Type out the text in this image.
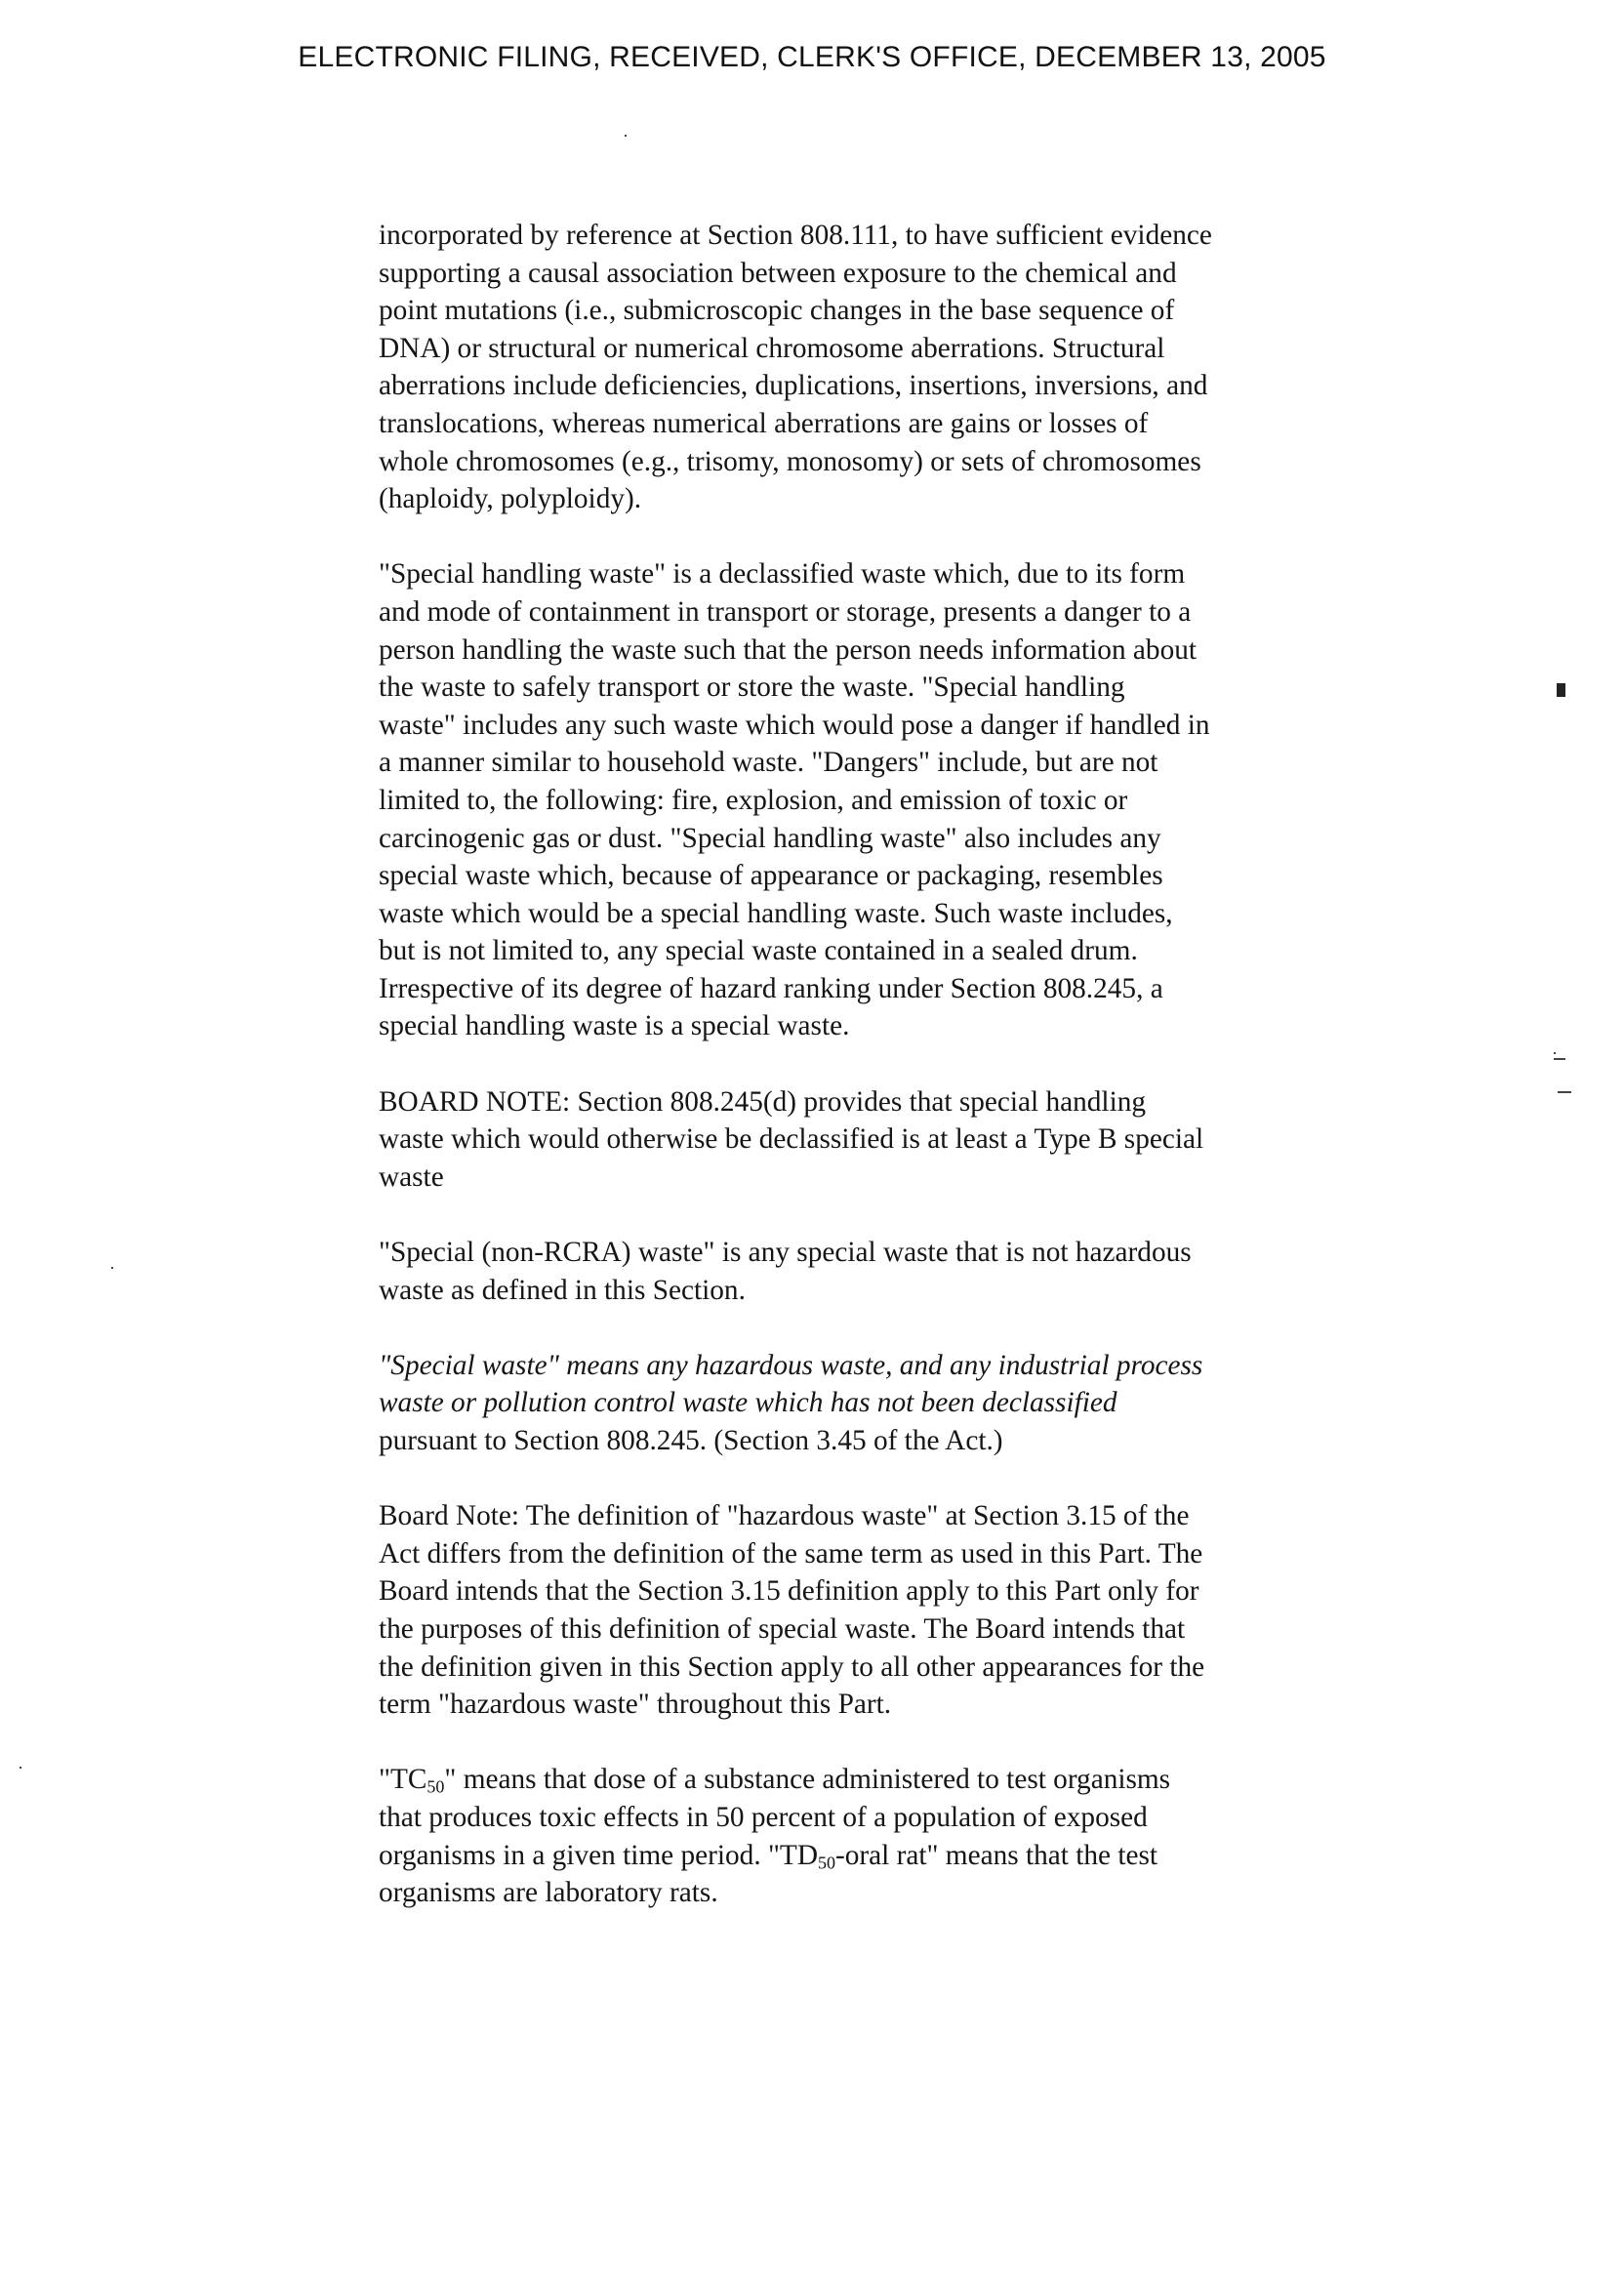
ELECTRONIC FILING, RECEIVED, CLERK'S OFFICE, DECEMBER 13, 2005
incorporated by reference at Section 808.111, to have sufficient evidence
supporting a causal association between exposure to the chemical and
point mutations (i.e., submicroscopic changes in the base sequence of
DNA) or structural or numerical chromosome aberrations. Structural
aberrations include deficiencies, duplications, insertions, inversions, and
translocations, whereas numerical aberrations are gains or losses of
whole chromosomes (e.g., trisomy, monosomy) or sets of chromosomes
(haploidy, polyploidy).
"Special handling waste" is a declassified waste which, due to its form
and mode of containment in transport or storage, presents a danger to a
person handling the waste such that the person needs information about
the waste to safely transport or store the waste. "Special handling
waste" includes any such waste which would pose a danger if handled in
a manner similar to household waste. "Dangers" include, but are not
limited to, the following: fire, explosion, and emission of toxic or
carcinogenic gas or dust. "Special handling waste" also includes any
special waste which, because of appearance or packaging, resembles
waste which would be a special handling waste. Such waste includes,
but is not limited to, any special waste contained in a sealed drum.
Irrespective of its degree of hazard ranking under Section 808.245, a
special handling waste is a special waste.
BOARD NOTE: Section 808.245(d) provides that special handling
waste which would otherwise be declassified is at least a Type B special
waste
"Special (non-RCRA) waste" is any special waste that is not hazardous
waste as defined in this Section.
"Special waste" means any hazardous waste, and any industrial process
waste or pollution control waste which has not been declassified
pursuant to Section 808.245. (Section 3.45 of the Act.)
Board Note: The definition of "hazardous waste" at Section 3.15 of the
Act differs from the definition of the same term as used in this Part. The
Board intends that the Section 3.15 definition apply to this Part only for
the purposes of this definition of special waste. The Board intends that
the definition given in this Section apply to all other appearances for the
term "hazardous waste" throughout this Part.
"$TC_{50}$" means that dose of a substance administered to test organisms
that produces toxic effects in 50 percent of a population of exposed
organisms in a given time period. "$TD_{50}$-oral rat" means that the test
organisms are laboratory rats.
